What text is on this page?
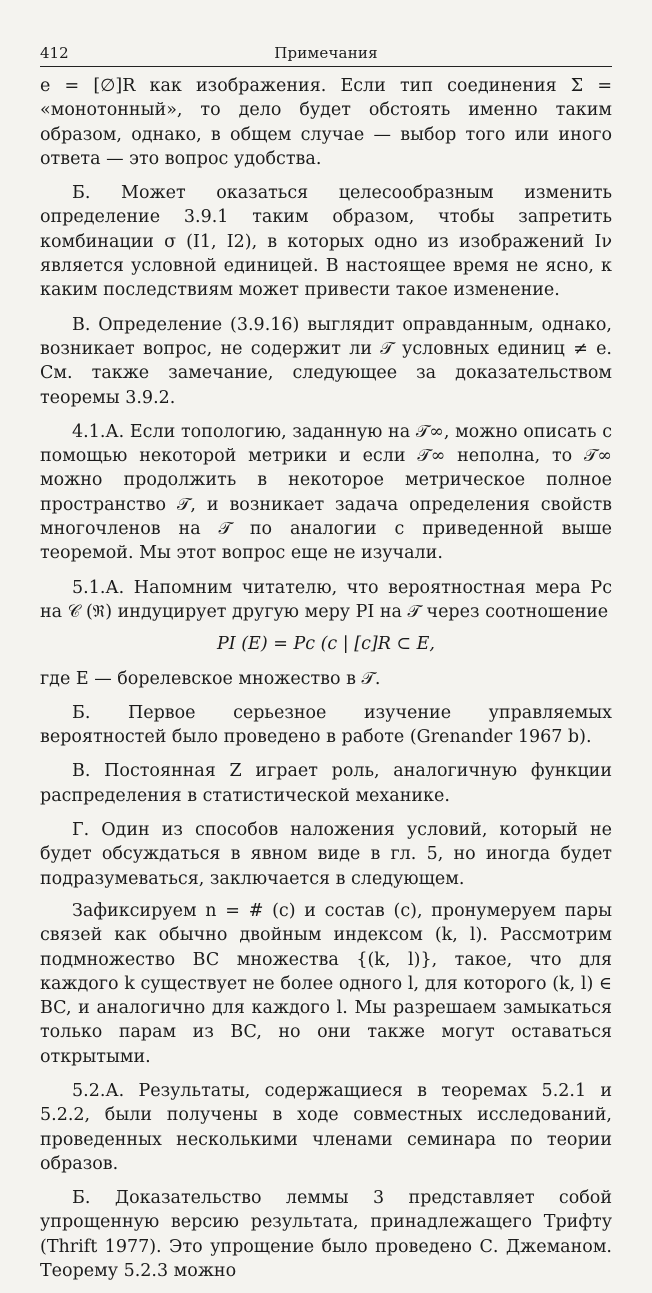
412	Примечания

e = [∅]R как изображения. Если тип соединения Σ = «монотонный», то дело будет обстоять именно таким образом, однако, в общем случае — выбор того или иного ответа — это вопрос удобства.

Б. Может оказаться целесообразным изменить определение 3.9.1 таким образом, чтобы запретить комбинации σ (I1, I2), в которых одно из изображений Iν является условной единицей. В настоящее время не ясно, к каким последствиям может привести такое изменение.

В. Определение (3.9.16) выглядит оправданным, однако, возникает вопрос, не содержит ли 𝒯 условных единиц ≠ e. См. также замечание, следующее за доказательством теоремы 3.9.2.

4.1.А. Если топологию, заданную на 𝒯∞, можно описать с помощью некоторой метрики и если 𝒯∞ неполна, то 𝒯∞ можно продолжить в некоторое метрическое полное пространство 𝒯, и возникает задача определения свойств многочленов на 𝒯 по аналогии с приведенной выше теоремой. Мы этот вопрос еще не изучали.

5.1.А. Напомним читателю, что вероятностная мера Pc на 𝒞 (ℜ) индуцирует другую меру PI на 𝒯 через соотношение

PI (E) = Pc (c | [c]R ⊂ E,

где E — борелевское множество в 𝒯.

Б. Первое серьезное изучение управляемых вероятностей было проведено в работе (Grenander 1967 b).

В. Постоянная Z играет роль, аналогичную функции распределения в статистической механике.

Г. Один из способов наложения условий, который не будет обсуждаться в явном виде в гл. 5, но иногда будет подразумеваться, заключается в следующем.

Зафиксируем n = # (c) и состав (c), пронумеруем пары связей как обычно двойным индексом (k, l). Рассмотрим подмножество BC множества {(k, l)}, такое, что для каждого k существует не более одного l, для которого (k, l) ∈ BC, и аналогично для каждого l. Мы разрешаем замыкаться только парам из BC, но они также могут оставаться открытыми.

5.2.А. Результаты, содержащиеся в теоремах 5.2.1 и 5.2.2, были получены в ходе совместных исследований, проведенных несколькими членами семинара по теории образов.

Б. Доказательство леммы 3 представляет собой упрощенную версию результата, принадлежащего Трифту (Thrift 1977). Это упрощение было проведено С. Джеманом. Теорему 5.2.3 можно
